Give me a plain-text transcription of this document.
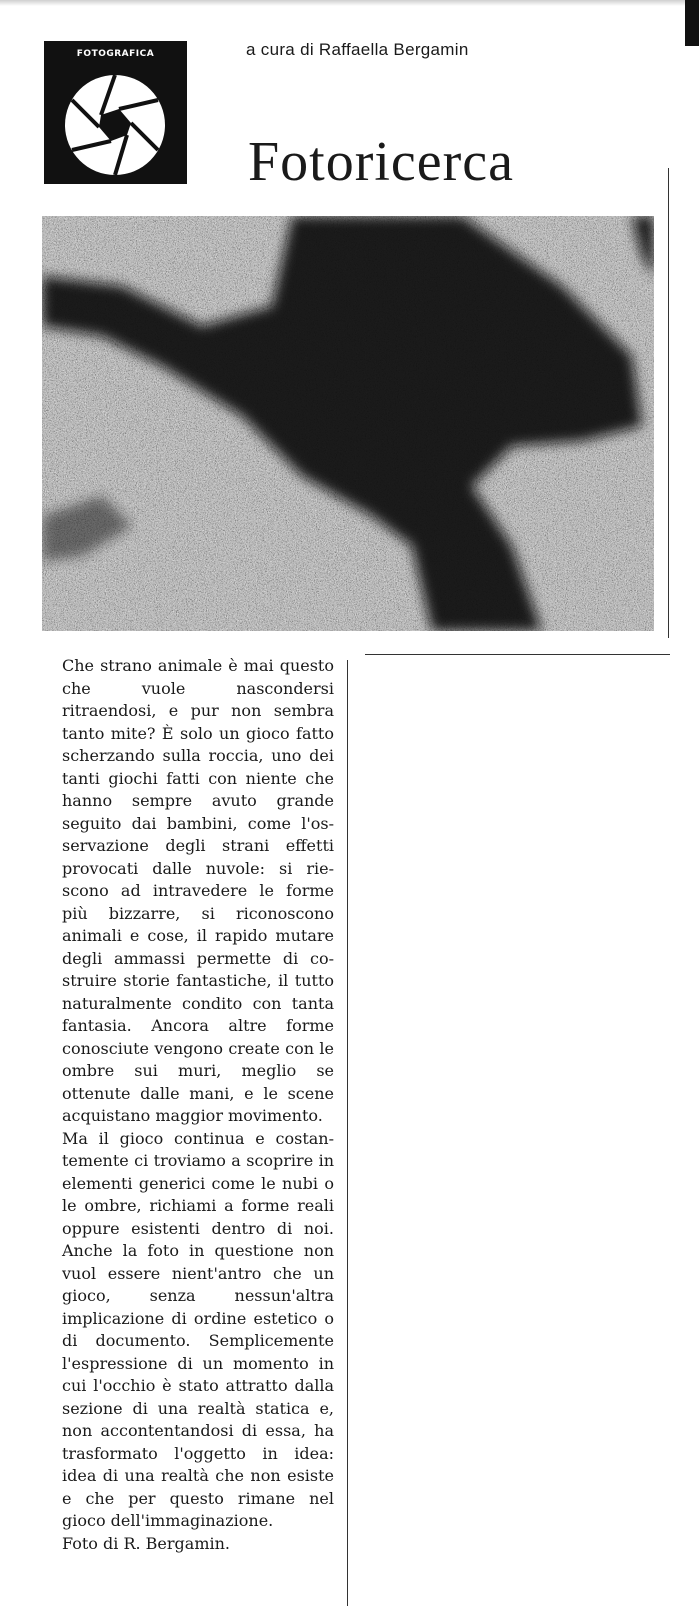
FOTOGRAFICA	a cura di Raffaella Bergamin
Fotoricerca

Che strano animale è mai questo che vuole nascondersi ritraendosi, e pur non sembra tanto mite? È solo un gioco fatto scherzando sulla roccia, uno dei tanti giochi fatti con niente che hanno sempre avuto grande seguito dai bambini, come l'osservazione degli strani effetti provocati dalle nuvole: si riescono ad intravedere le forme più bizzarre, si riconoscono animali e cose, il rapido mutare degli ammassi permette di costruire storie fantastiche, il tutto naturalmente condito con tanta fantasia. Ancora altre forme conosciute vengono create con le ombre sui muri, meglio se ottenute dalle mani, e le scene acquistano maggior movimento.

Ma il gioco continua e costantemente ci troviamo a scoprire in elementi generici come le nubi o le ombre, richiami a forme reali oppure esistenti dentro di noi. Anche la foto in questione non vuol essere nient'antro che un gioco, senza nessun'altra implicazione di ordine estetico o di documento. Semplicemente l'espressione di un momento in cui l'occhio è stato attratto dalla sezione di una realtà statica e, non accontentandosi di essa, ha trasformato l'oggetto in idea: idea di una realtà che non esiste e che per questo rimane nel gioco dell'immaginazione.

Foto di R. Bergamin.
